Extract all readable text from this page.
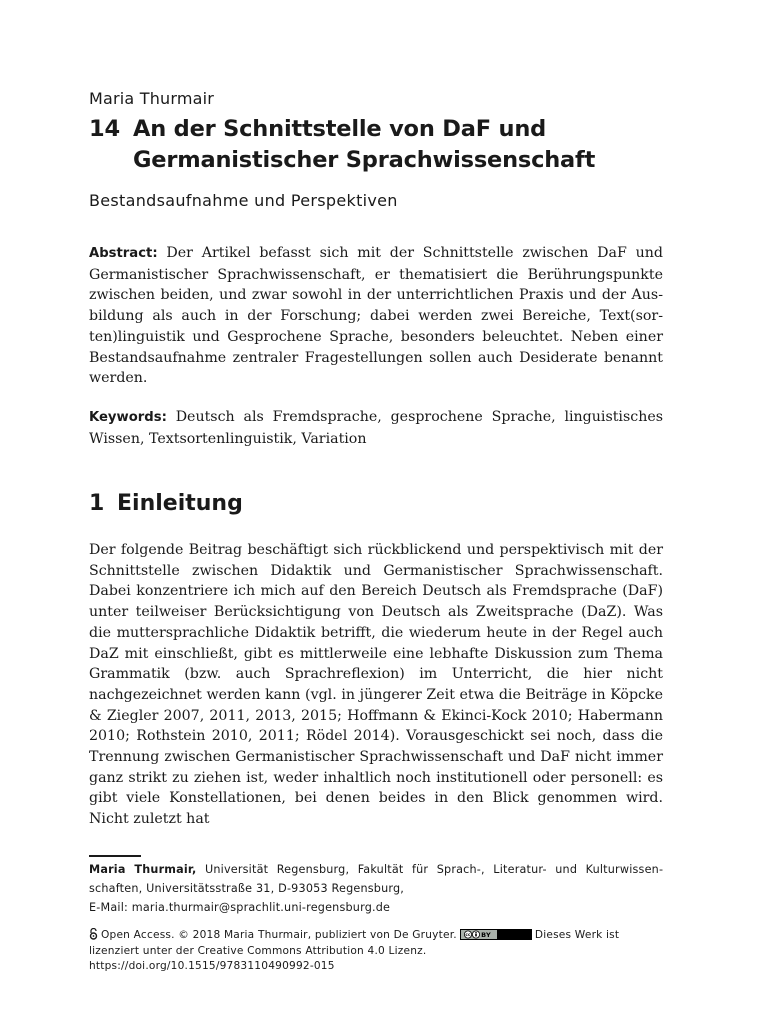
Maria Thurmair
14 An der Schnittstelle von DaF und
Germanistischer Sprachwissenschaft
Bestandsaufnahme und Perspektiven
Abstract: Der Artikel befasst sich mit der Schnittstelle zwischen DaF und Germanistischer Sprachwissenschaft, er thematisiert die Berührungspunkte zwischen beiden, und zwar sowohl in der unterrichtlichen Praxis und der Ausbildung als auch in der Forschung; dabei werden zwei Bereiche, Text(sorten)linguistik und Gesprochene Sprache, besonders beleuchtet. Neben einer Bestandsaufnahme zentraler Fragestellungen sollen auch Desiderate benannt werden.
Keywords: Deutsch als Fremdsprache, gesprochene Sprache, linguistisches Wissen, Textsortenlinguistik, Variation
1 Einleitung
Der folgende Beitrag beschäftigt sich rückblickend und perspektivisch mit der Schnittstelle zwischen Didaktik und Germanistischer Sprachwissenschaft. Dabei konzentriere ich mich auf den Bereich Deutsch als Fremdsprache (DaF) unter teilweiser Berücksichtigung von Deutsch als Zweitsprache (DaZ). Was die muttersprachliche Didaktik betrifft, die wiederum heute in der Regel auch DaZ mit einschließt, gibt es mittlerweile eine lebhafte Diskussion zum Thema Grammatik (bzw. auch Sprachreflexion) im Unterricht, die hier nicht nachgezeichnet werden kann (vgl. in jüngerer Zeit etwa die Beiträge in Köpcke & Ziegler 2007, 2011, 2013, 2015; Hoffmann & Ekinci-Kock 2010; Habermann 2010; Rothstein 2010, 2011; Rödel 2014). Vorausgeschickt sei noch, dass die Trennung zwischen Germanistischer Sprachwissenschaft und DaF nicht immer ganz strikt zu ziehen ist, weder inhaltlich noch institutionell oder personell: es gibt viele Konstellationen, bei denen beides in den Blick genommen wird. Nicht zuletzt hat
Maria Thurmair, Universität Regensburg, Fakultät für Sprach-, Literatur- und Kulturwissenschaften, Universitätsstraße 31, D-93053 Regensburg,
E-Mail: maria.thurmair@sprachlit.uni-regensburg.de
Open Access. © 2018 Maria Thurmair, publiziert von De Gruyter. cc BY	Dieses Werk ist lizenziert unter der Creative Commons Attribution 4.0 Lizenz.
https://doi.org/10.1515/9783110490992-015
